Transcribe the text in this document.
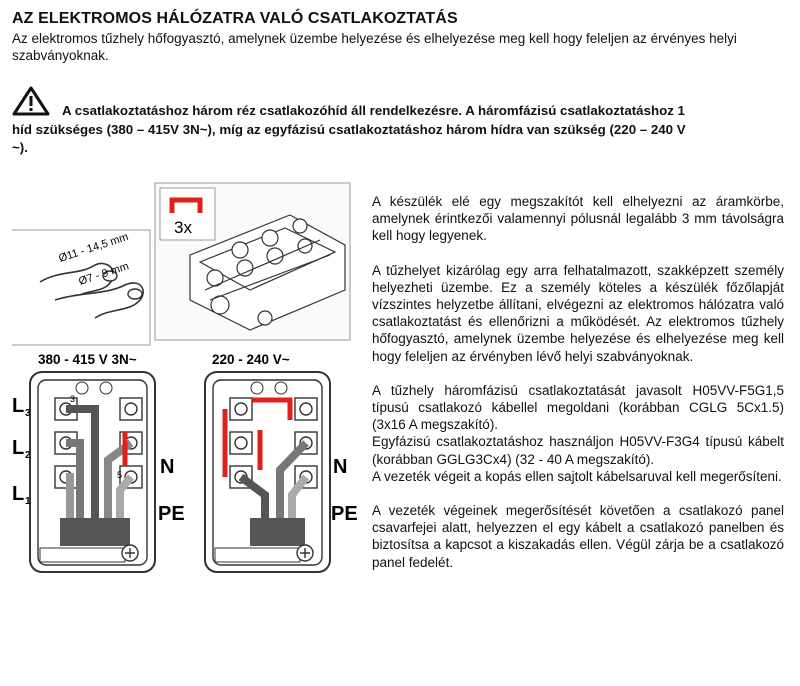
AZ ELEKTROMOS HÁLÓZATRA VALÓ CSATLAKOZTATÁS
Az elektromos tűzhely hőfogyasztó, amelynek üzembe helyezése és elhelyezése meg kell hogy feleljen az érvényes helyi szabványoknak.
A csatlakoztatáshoz három réz csatlakozóhíd áll rendelkezésre. A háromfázisú csatlakoztatáshoz 1
híd szükséges (380 – 415V 3N~), míg az egyfázisú csatlakoztatáshoz három hídra van szükség (220 – 240 V
~).
3x
Ø11 - 14,5 mm
Ø7 - 9 mm
380 - 415 V 3N~	220 - 240 V~
3
5
L 3
L 2
L 1
N
PE
N
PE

A készülék elé egy megszakítót kell elhelyezni az áramkörbe, amelynek érintkezői valamennyi pólusnál legalább 3 mm távolságra kell hogy legyenek.

A tűzhelyet kizárólag egy arra felhatalmazott, szakképzett személy helyezheti üzembe. Ez a személy köteles a készülék főzőlapját vízszintes helyzetbe állítani, elvégezni az elektromos hálózatra való csatlakoztatást és ellenőrizni a működését. Az elektromos tűzhely hőfogyasztó, amelynek üzembe helyezése és elhelyezése meg kell hogy feleljen az érvényben lévő helyi szabványoknak.

A tűzhely háromfázisú csatlakoztatását javasolt H05VV-F5G1,5 típusú csatlakozó kábellel megoldani (korábban CGLG 5Cx1.5) (3x16 A megszakító).

Egyfázisú csatlakoztatáshoz használjon H05VV-F3G4 típusú kábelt (korábban GGLG3Cx4) (32 - 40 A megszakító).

A vezeték végeit a kopás ellen sajtolt kábelsaruval kell megerősíteni.

A vezeték végeinek megerősítését követően a csatlakozó panel csavarfejei alatt, helyezzen el egy kábelt a csatlakozó panelben és biztosítsa a kapcsot a kiszakadás ellen. Végül zárja be a csatlakozó panel fedelét.
